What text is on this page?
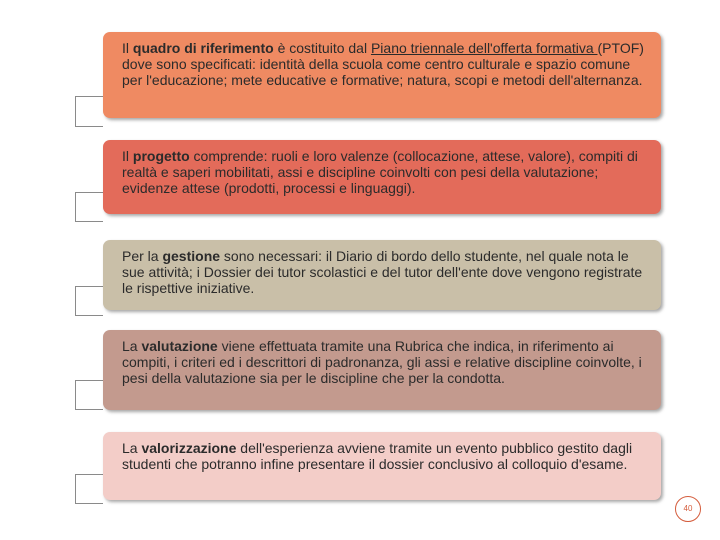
Il quadro di riferimento è costituito dal Piano triennale dell'offerta formativa (PTOF) dove sono specificati: identità della scuola come centro culturale e spazio comune per l'educazione; mete educative e formative; natura, scopi e metodi dell'alternanza.
Il progetto comprende: ruoli e loro valenze (collocazione, attese, valore), compiti di realtà e saperi mobilitati, assi e discipline coinvolti con pesi della valutazione; evidenze attese (prodotti, processi e linguaggi).
Per la gestione sono necessari: il Diario di bordo dello studente, nel quale nota le sue attività; i Dossier dei tutor scolastici e del tutor dell'ente dove vengono registrate le rispettive iniziative.
La valutazione viene effettuata tramite una Rubrica che indica, in riferimento ai compiti, i criteri ed i descrittori di padronanza, gli assi e relative discipline coinvolte, i pesi della valutazione sia per le discipline che per la condotta.
La valorizzazione dell'esperienza avviene tramite un evento pubblico gestito dagli studenti che potranno infine presentare il dossier conclusivo al colloquio d'esame.
40
